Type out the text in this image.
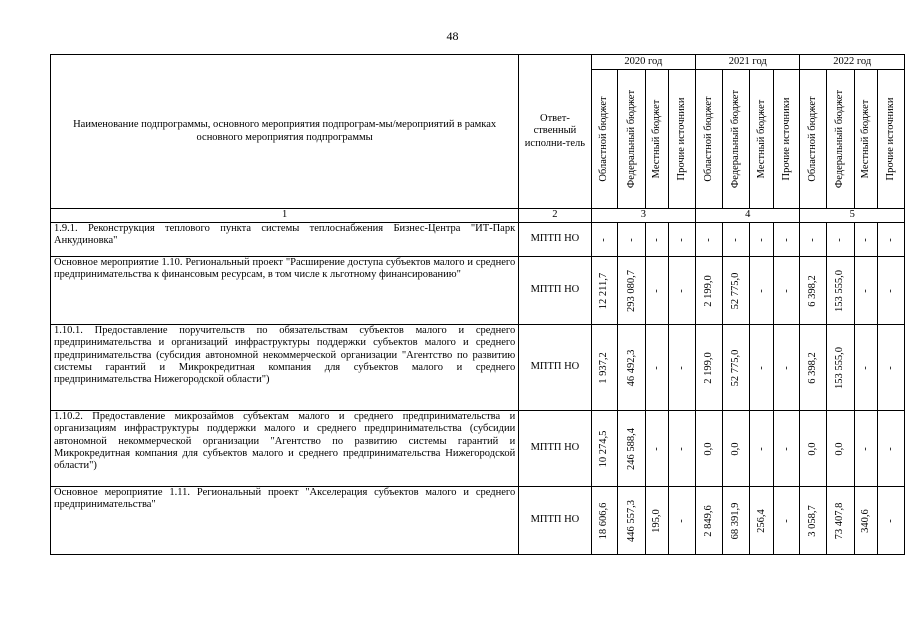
48
Наименование подпрограммы, основного мероприятия подпрограм-мы/мероприятий в рамках основного мероприятия подпрограммы	Ответ-ственный исполни-тель	2020 год				2021 год				2022 год			

		Областной бюджет	Федеральный бюджет	Местный бюджет	Прочие источники	Областной бюджет	Федеральный бюджет	Местный бюджет	Прочие источники	Областной бюджет	Федеральный бюджет	Местный бюджет	Прочие источники

1	2	3				4				5			
1.9.1. Реконструкция теплового пункта системы теплоснабжения Бизнес-Центра "ИТ-Парк Анкудиновка"	МПТП НО	-	-	-	-	-	-	-	-	-	-	-	-

Основное мероприятие 1.10. Региональный проект "Расширение доступа субъектов малого и среднего предпринимательства к финансовым ресурсам, в том числе к льготному финансированию"	МПТП НО	12 211,7	293 080,7	-	-	2 199,0	52 775,0	-	-	6 398,2	153 555,0	-	-

1.10.1. Предоставление поручительств по обязательствам субъектов малого и среднего предпринимательства и организаций инфраструктуры поддержки субъектов малого и среднего предпринимательства (субсидия автономной некоммерческой организации "Агентство по развитию системы гарантий и Микрокредитная компания для субъектов малого и среднего предпринимательства Нижегородской области")	МПТП НО	1 937,2	46 492,3	-	-	2 199,0	52 775,0	-	-	6 398,2	153 555,0	-	-

1.10.2. Предоставление микрозаймов субъектам малого и среднего предпринимательства и организациям инфраструктуры поддержки малого и среднего предпринимательства (субсидии автономной некоммерческой организации "Агентство по развитию системы гарантий и Микрокредитная компания для субъектов малого и среднего предпринимательства Нижегородской области")	МПТП НО	10 274,5	246 588,4	-	-	0,0	0,0	-	-	0,0	0,0	-	-

Основное мероприятие 1.11. Региональный проект "Акселерация субъектов малого и среднего предпринимательства"	МПТП НО	18 606,6	446 557,3	195,0	-	2 849,6	68 391,9	256,4	-	3 058,7	73 407,8	340,6	-
